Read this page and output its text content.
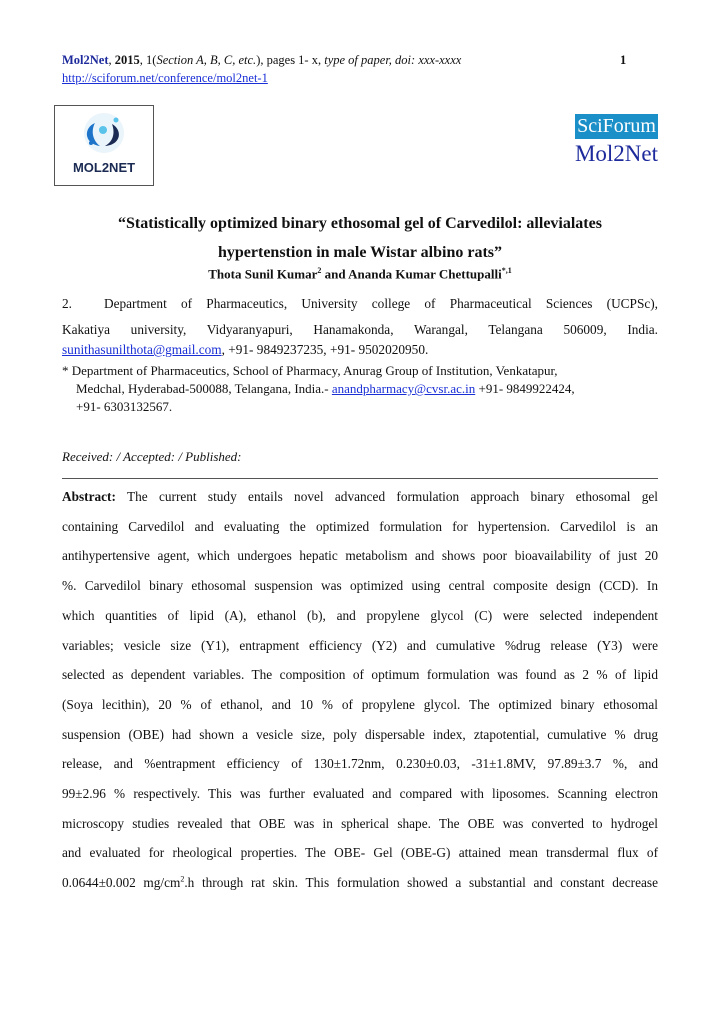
Mol2Net, 2015, 1(Section A, B, C, etc.), pages 1- x, type of paper, doi: xxx-xxxx	1
http://sciforum.net/conference/mol2net-1
MOL2NET
SciForum
Mol2Net
“Statistically optimized binary ethosomal gel of Carvedilol: allevialates
hypertenstion in male Wistar albino rats”
Thota Sunil Kumar$^2$ and Ananda Kumar Chettupalli$^{*,1}$
2. Department of Pharmaceutics, University college of Pharmaceutical Sciences (UCPSc),
Kakatiya university, Vidyaranyapuri, Hanamakonda, Warangal, Telangana 506009, India.
sunithasunilthota@gmail.com, +91- 9849237235, +91- 9502020950.
* Department of Pharmaceutics, School of Pharmacy, Anurag Group of Institution, Venkatapur,
Medchal, Hyderabad-500088, Telangana, India.- anandpharmacy@cvsr.ac.in +91- 9849922424,
+91- 6303132567.
Received: / Accepted: / Published:
Abstract: The current study entails novel advanced formulation approach binary ethosomal gel
containing Carvedilol and evaluating the optimized formulation for hypertension. Carvedilol is an
antihypertensive agent, which undergoes hepatic metabolism and shows poor bioavailability of just 20
%. Carvedilol binary ethosomal suspension was optimized using central composite design (CCD). In
which quantities of lipid (A), ethanol (b), and propylene glycol (C) were selected independent
variables; vesicle size (Y1), entrapment efficiency (Y2) and cumulative %drug release (Y3) were
selected as dependent variables. The composition of optimum formulation was found as 2 % of lipid
(Soya lecithin), 20 % of ethanol, and 10 % of propylene glycol. The optimized binary ethosomal
suspension (OBE) had shown a vesicle size, poly dispersable index, ztapotential, cumulative % drug
release, and %entrapment efficiency of 130±1.72nm, 0.230±0.03, -31±1.8MV, 97.89±3.7 %, and
99±2.96 % respectively. This was further evaluated and compared with liposomes. Scanning electron
microscopy studies revealed that OBE was in spherical shape. The OBE was converted to hydrogel
and evaluated for rheological properties. The OBE- Gel (OBE-G) attained mean transdermal flux of
0.0644±0.002 $mg/cm^2.h$ through rat skin. This formulation showed a substantial and constant decrease
